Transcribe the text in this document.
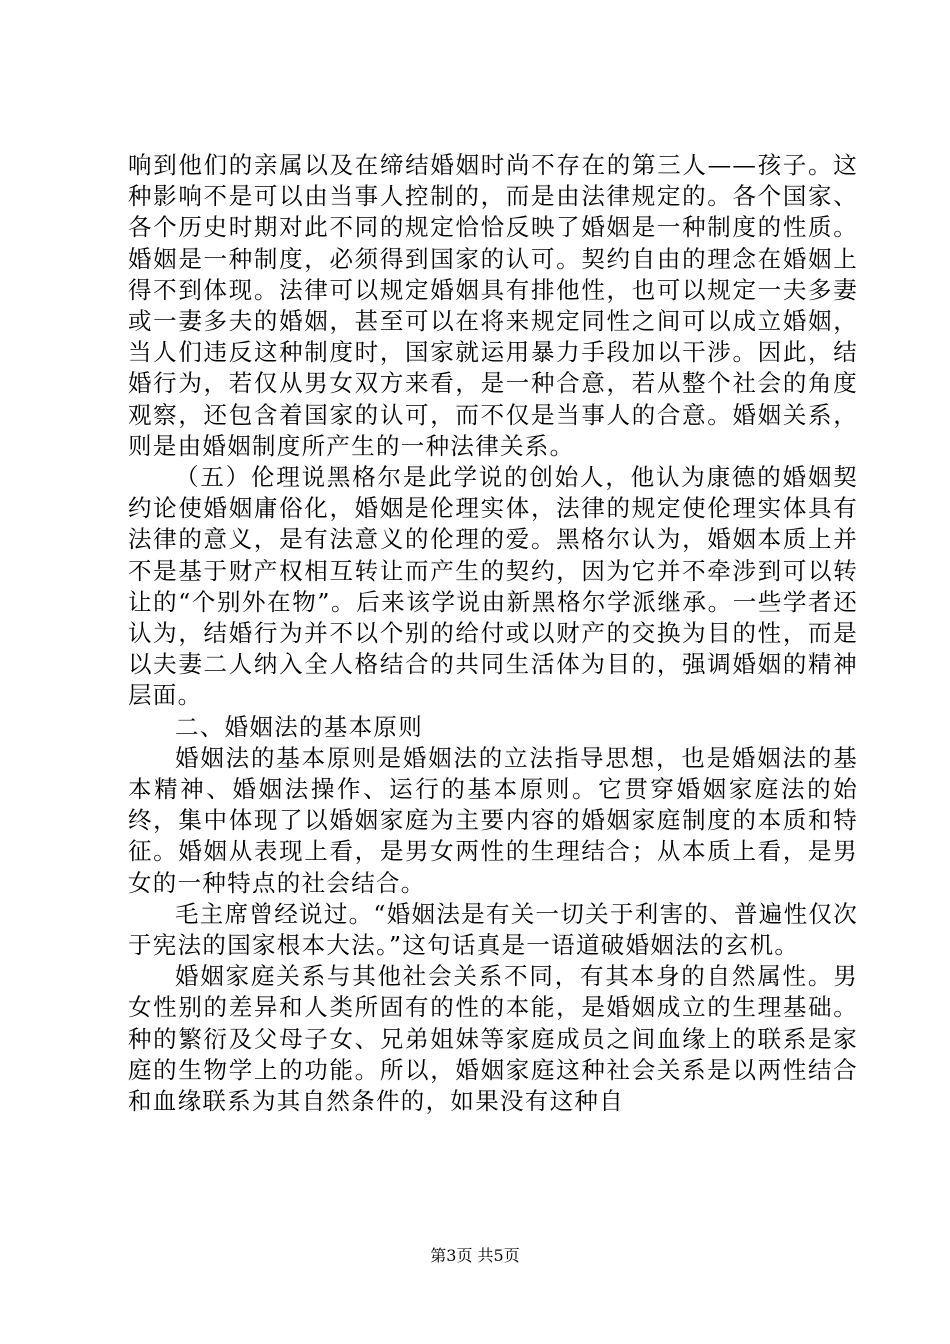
响到他们的亲属以及在缔结婚姻时尚不存在的第三人——孩子。这种影响不是可以由当事人控制的，而是由法律规定的。各个国家、各个历史时期对此不同的规定恰恰反映了婚姻是一种制度的性质。婚姻是一种制度，必须得到国家的认可。契约自由的理念在婚姻上得不到体现。法律可以规定婚姻具有排他性，也可以规定一夫多妻或一妻多夫的婚姻，甚至可以在将来规定同性之间可以成立婚姻，当人们违反这种制度时，国家就运用暴力手段加以干涉。因此，结婚行为，若仅从男女双方来看，是一种合意，若从整个社会的角度观察，还包含着国家的认可，而不仅是当事人的合意。婚姻关系，则是由婚姻制度所产生的一种法律关系。

（五）伦理说黑格尔是此学说的创始人，他认为康德的婚姻契约论使婚姻庸俗化，婚姻是伦理实体，法律的规定使伦理实体具有法律的意义，是有法意义的伦理的爱。黑格尔认为，婚姻本质上并不是基于财产权相互转让而产生的契约，因为它并不牵涉到可以转让的“个别外在物”。后来该学说由新黑格尔学派继承。一些学者还认为，结婚行为并不以个别的给付或以财产的交换为目的性，而是以夫妻二人纳入全人格结合的共同生活体为目的，强调婚姻的精神层面。

二、婚姻法的基本原则

婚姻法的基本原则是婚姻法的立法指导思想，也是婚姻法的基本精神、婚姻法操作、运行的基本原则。它贯穿婚姻家庭法的始终，集中体现了以婚姻家庭为主要内容的婚姻家庭制度的本质和特征。婚姻从表现上看，是男女两性的生理结合；从本质上看，是男女的一种特点的社会结合。

毛主席曾经说过。“婚姻法是有关一切关于利害的、普遍性仅次于宪法的国家根本大法。”这句话真是一语道破婚姻法的玄机。

婚姻家庭关系与其他社会关系不同，有其本身的自然属性。男女性别的差异和人类所固有的性的本能，是婚姻成立的生理基础。种的繁衍及父母子女、兄弟姐妹等家庭成员之间血缘上的联系是家庭的生物学上的功能。所以，婚姻家庭这种社会关系是以两性结合和血缘联系为其自然条件的，如果没有这种自

第3页 共5页
